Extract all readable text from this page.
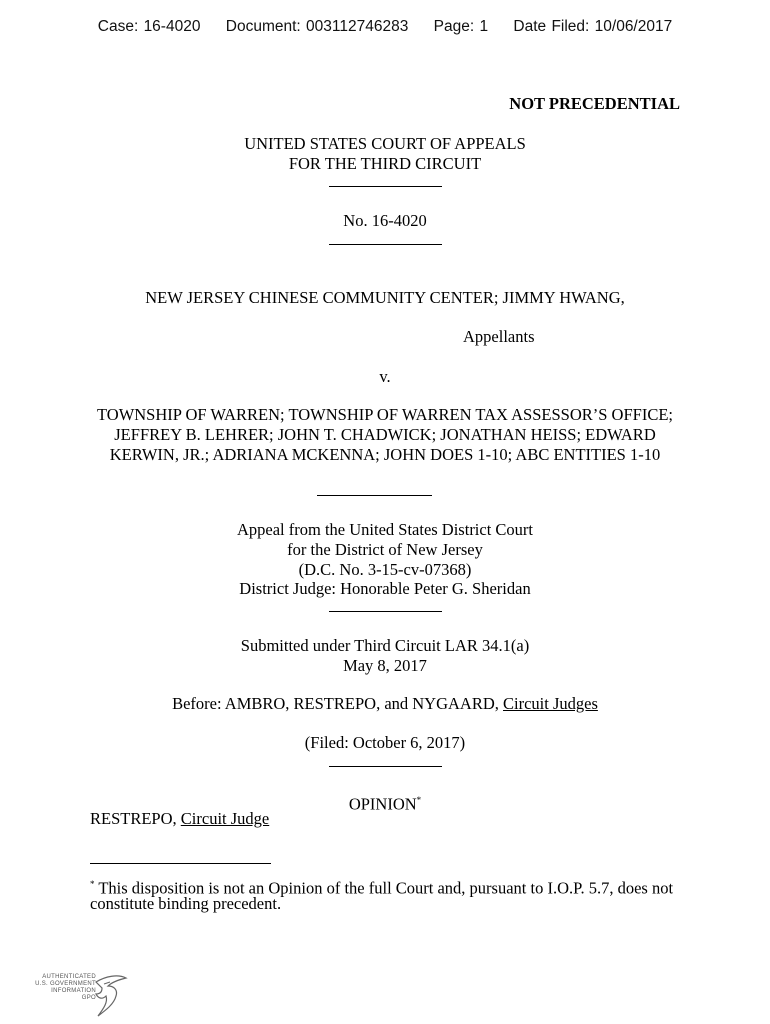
Case: 16-4020 Document: 003112746283 Page: 1 Date Filed: 10/06/2017
NOT PRECEDENTIAL
UNITED STATES COURT OF APPEALS
FOR THE THIRD CIRCUIT
No. 16-4020
NEW JERSEY CHINESE COMMUNITY CENTER; JIMMY HWANG,
Appellants
v.
TOWNSHIP OF WARREN; TOWNSHIP OF WARREN TAX ASSESSOR’S OFFICE;
JEFFREY B. LEHRER; JOHN T. CHADWICK; JONATHAN HEISS; EDWARD
KERWIN, JR.; ADRIANA MCKENNA; JOHN DOES 1-10; ABC ENTITIES 1-10
Appeal from the United States District Court
for the District of New Jersey
(D.C. No. 3-15-cv-07368)
District Judge: Honorable Peter G. Sheridan
Submitted under Third Circuit LAR 34.1(a)
May 8, 2017
Before: AMBRO, RESTREPO, and NYGAARD, Circuit Judges
(Filed: October 6, 2017)
OPINION*
RESTREPO, Circuit Judge
* This disposition is not an Opinion of the full Court and, pursuant to I.O.P. 5.7, does not
constitute binding precedent.
AUTHENTICATED
U.S. GOVERNMENT
INFORMATION
GPO
